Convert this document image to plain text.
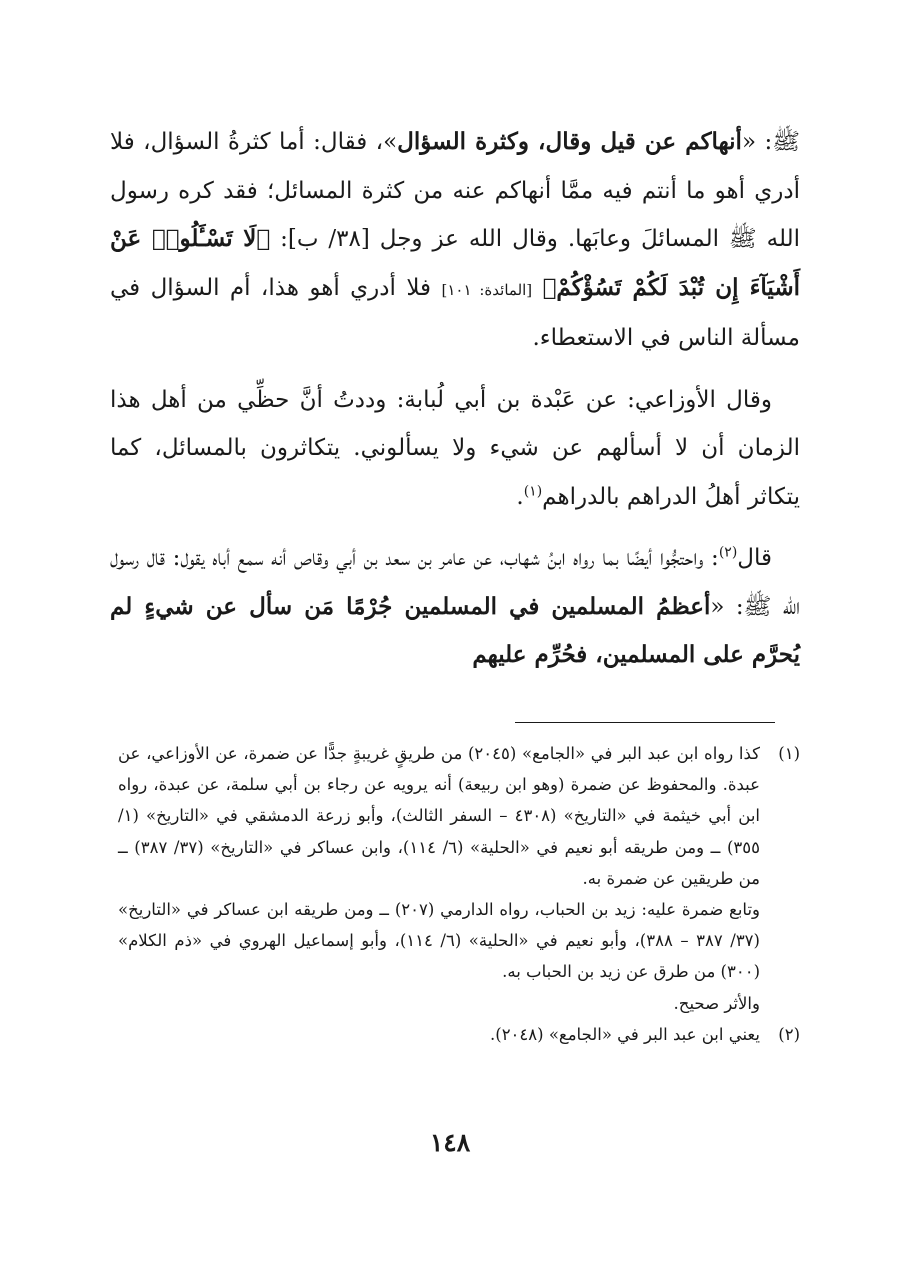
ﷺ: «أنهاكم عن قيل وقال، وكثرة السؤال»، فقال: أما كثرةُ السؤال، فلا أدري أهو ما أنتم فيه ممَّا أنهاكم عنه من كثرة المسائل؛ فقد كره رسول الله ﷺ المسائلَ وعابَها. وقال الله عز وجل [٣٨/ ب]: ﴿لَا تَسْـَٔلُوا۟ عَنْ أَشْيَآءَ إِن تُبْدَ لَكُمْ تَسُؤْكُمْ﴾ [المائدة: ١٠١] فلا أدري أهو هذا، أم السؤال في مسألة الناس في الاستعطاء.

وقال الأوزاعي: عن عَبْدة بن أبي لُبابة: وددتُ أنَّ حظِّي من أهل هذا الزمان أن لا أسألهم عن شيء ولا يسألوني. يتكاثرون بالمسائل، كما يتكاثر أهلُ الدراهم بالدراهم$^{(١)}$.

قال$^{(٢)}$: واحتجُّوا أيضًا بما رواه ابنُ شهاب، عن عامر بن سعد بن أبي وقاص أنه سمع أباه يقول: قال رسول الله ﷺ: «أعظمُ المسلمين في المسلمين جُرْمًا مَن سأل عن شيءٍ لم يُحرَّم على المسلمين، فحُرِّم عليهم

(١)

كذا رواه ابن عبد البر في «الجامع» (٢٠٤٥) من طريقٍ غريبةٍ جدًّا عن ضمرة، عن الأوزاعي، عن عبدة. والمحفوظ عن ضمرة (وهو ابن ربيعة) أنه يرويه عن رجاء بن أبي سلمة، عن عبدة، رواه ابن أبي خيثمة في «التاريخ» (٤٣٠٨ – السفر الثالث)، وأبو زرعة الدمشقي في «التاريخ» (١/ ٣٥٥) ــ ومن طريقه أبو نعيم في «الحلية» (٦/ ١١٤)، وابن عساكر في «التاريخ» (٣٧/ ٣٨٧) ــ من طريقين عن ضمرة به.

وتابع ضمرة عليه: زيد بن الحباب، رواه الدارمي (٢٠٧) ــ ومن طريقه ابن عساكر في «التاريخ» (٣٧/ ٣٨٧ – ٣٨٨)، وأبو نعيم في «الحلية» (٦/ ١١٤)، وأبو إسماعيل الهروي في «ذم الكلام» (٣٠٠) من طرق عن زيد بن الحباب به.

والأثر صحيح.

(٢)

يعني ابن عبد البر في «الجامع» (٢٠٤٨).

١٤٨
